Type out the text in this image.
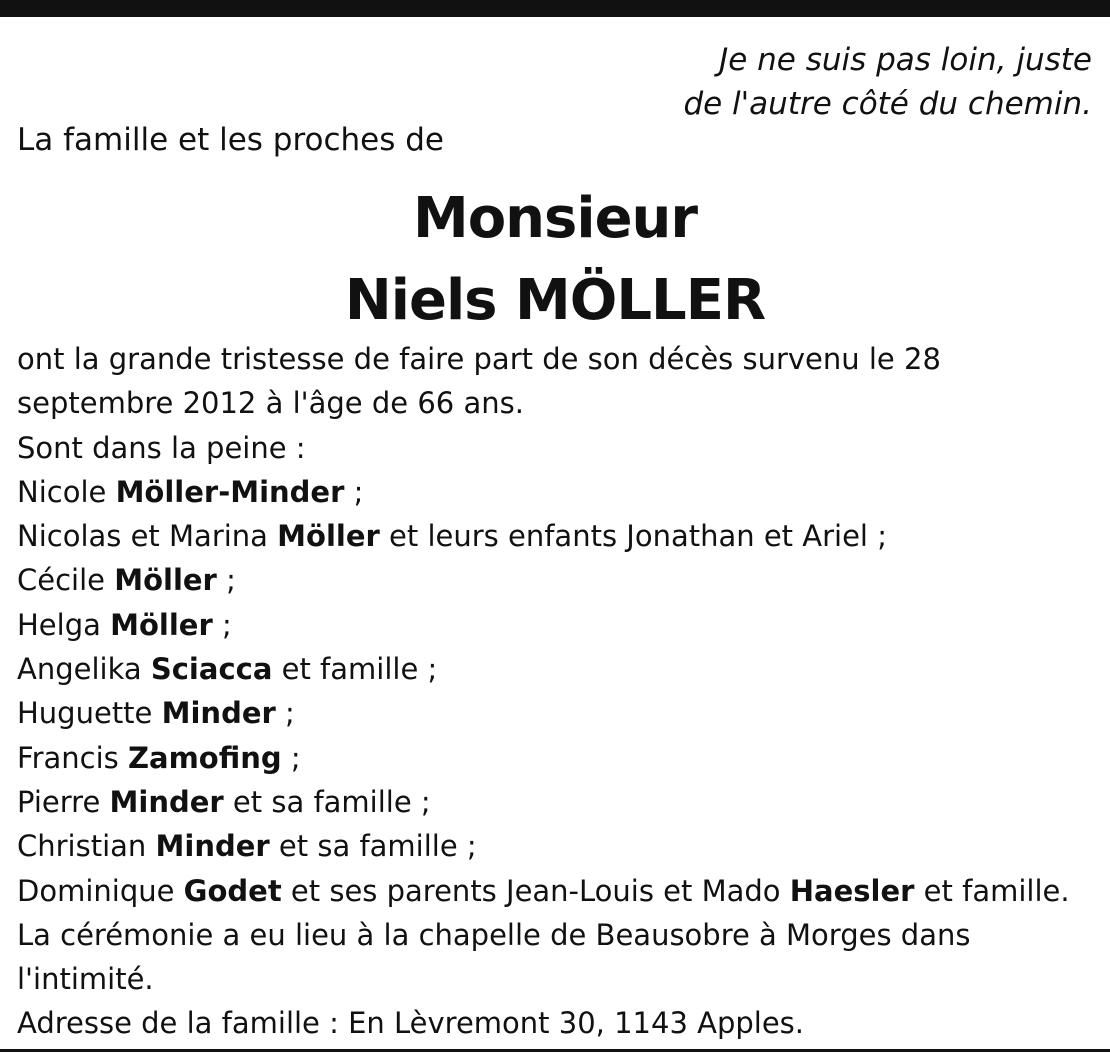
Je ne suis pas loin, juste
de l'autre côté du chemin.
La famille et les proches de
Monsieur
Niels MÖLLER
ont la grande tristesse de faire part de son décès survenu le 28
septembre 2012 à l'âge de 66 ans.
Sont dans la peine :
Nicole Möller-Minder ;
Nicolas et Marina Möller et leurs enfants Jonathan et Ariel ;
Cécile Möller ;
Helga Möller ;
Angelika Sciacca et famille ;
Huguette Minder ;
Francis Zamofing ;
Pierre Minder et sa famille ;
Christian Minder et sa famille ;
Dominique Godet et ses parents Jean-Louis et Mado Haesler et famille.
La cérémonie a eu lieu à la chapelle de Beausobre à Morges dans
l'intimité.
Adresse de la famille : En Lèvremont 30, 1143 Apples.
